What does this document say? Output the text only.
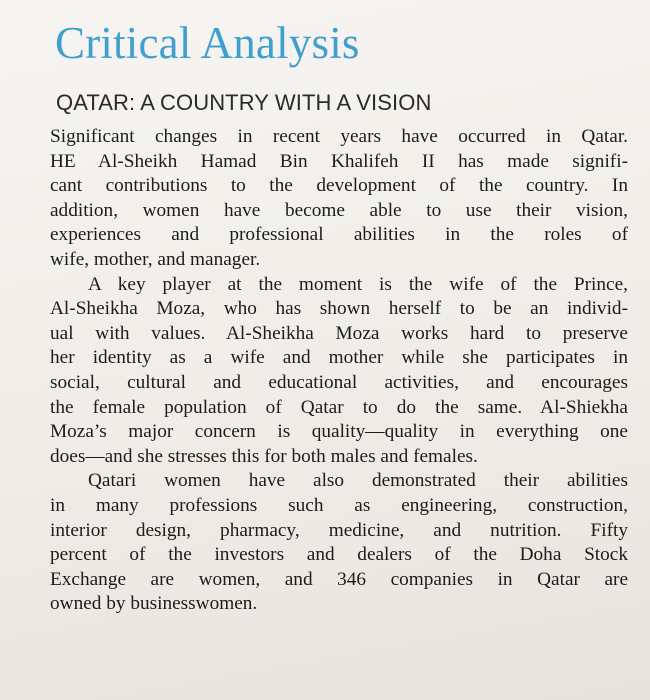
Critical Analysis
QATAR: A COUNTRY WITH A VISION
Significant changes in recent years have occurred in Qatar.
HE Al-Sheikh Hamad Bin Khalifeh II has made signifi-
cant contributions to the development of the country. In
addition, women have become able to use their vision,
experiences and professional abilities in the roles of
wife, mother, and manager.
A key player at the moment is the wife of the Prince,
Al-Sheikha Moza, who has shown herself to be an individ-
ual with values. Al-Sheikha Moza works hard to preserve
her identity as a wife and mother while she participates in
social, cultural and educational activities, and encourages
the female population of Qatar to do the same. Al-Shiekha
Moza’s major concern is quality—quality in everything one
does—and she stresses this for both males and females.
Qatari women have also demonstrated their abilities
in many professions such as engineering, construction,
interior design, pharmacy, medicine, and nutrition. Fifty
percent of the investors and dealers of the Doha Stock
Exchange are women, and 346 companies in Qatar are
owned by businesswomen.
